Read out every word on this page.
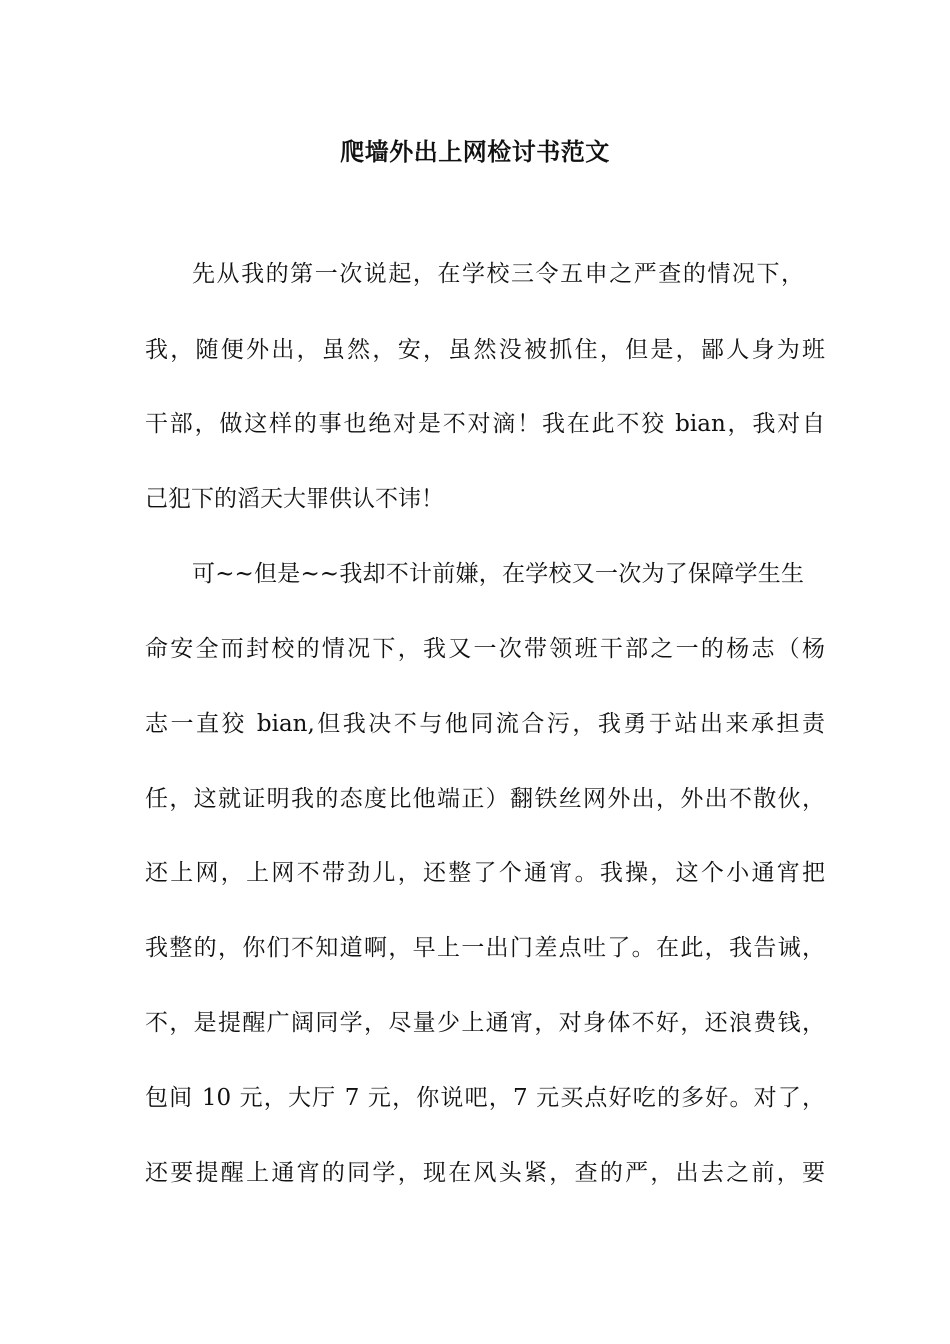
爬墙外出上网检讨书范文
先从我的第一次说起，在学校三令五申之严查的情况下，
我，随便外出，虽然，安，虽然没被抓住，但是，鄙人身为班
干部，做这样的事也绝对是不对滴！我在此不狡 bian，我对自
己犯下的滔天大罪供认不讳！
可~~但是~~我却不计前嫌，在学校又一次为了保障学生生
命安全而封校的情况下，我又一次带领班干部之一的杨志（杨
志一直狡 bian,但我决不与他同流合污，我勇于站出来承担责
任，这就证明我的态度比他端正）翻铁丝网外出，外出不散伙，
还上网，上网不带劲儿，还整了个通宵。我操，这个小通宵把
我整的，你们不知道啊，早上一出门差点吐了。在此，我告诫，
不，是提醒广阔同学，尽量少上通宵，对身体不好，还浪费钱，
包间 10 元，大厅 7 元，你说吧，7 元买点好吃的多好。对了，
还要提醒上通宵的同学，现在风头紧，查的严，出去之前，要
